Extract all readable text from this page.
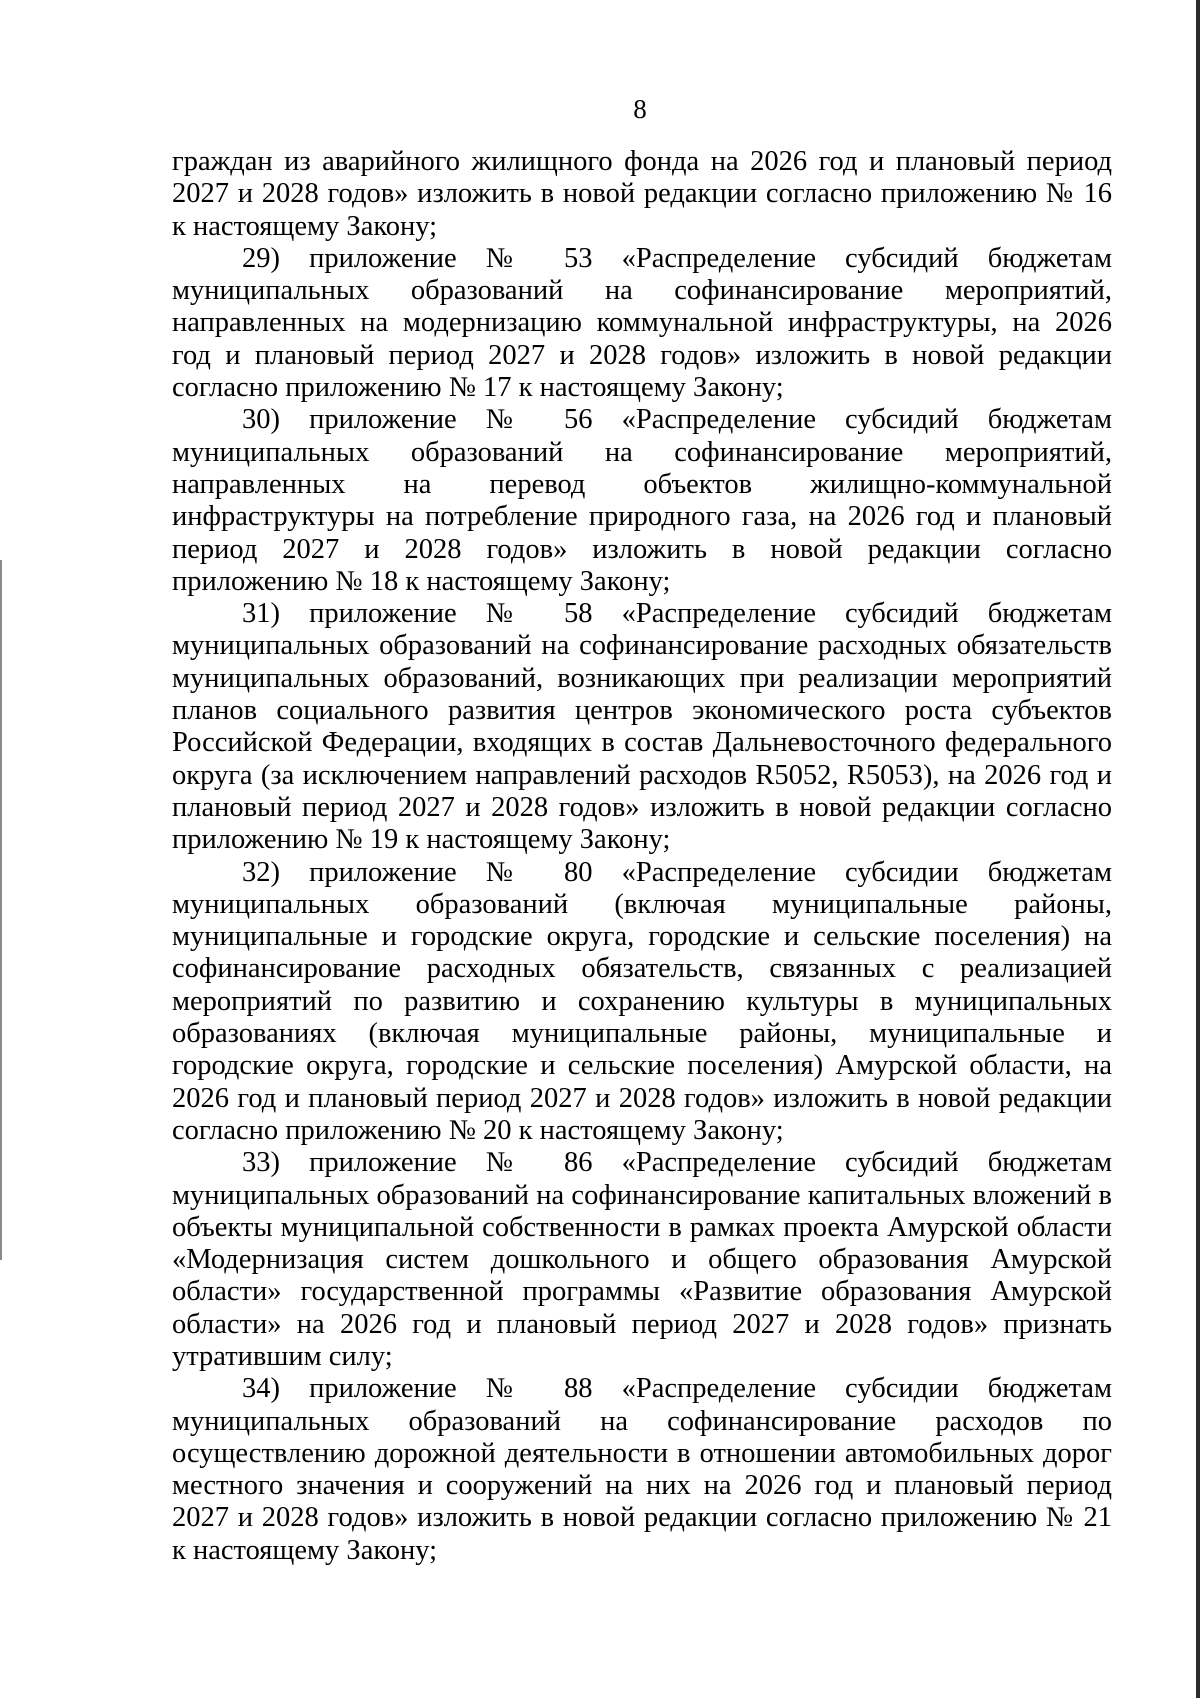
8

граждан из аварийного жилищного фонда на 2026 год и плановый период 2027 и 2028 годов» изложить в новой редакции согласно приложению № 16 к настоящему Закону;

29) приложение № 53 «Распределение субсидий бюджетам муниципальных образований на софинансирование мероприятий, направленных на модернизацию коммунальной инфраструктуры, на 2026 год и плановый период 2027 и 2028 годов» изложить в новой редакции согласно приложению № 17 к настоящему Закону;

30) приложение № 56 «Распределение субсидий бюджетам муниципальных образований на софинансирование мероприятий, направленных на перевод объектов жилищно-коммунальной инфраструктуры на потребление природного газа, на 2026 год и плановый период 2027 и 2028 годов» изложить в новой редакции согласно приложению № 18 к настоящему Закону;

31) приложение № 58 «Распределение субсидий бюджетам муниципальных образований на софинансирование расходных обязательств муниципальных образований, возникающих при реализации мероприятий планов социального развития центров экономического роста субъектов Российской Федерации, входящих в состав Дальневосточного федерального округа (за исключением направлений расходов R5052, R5053), на 2026 год и плановый период 2027 и 2028 годов» изложить в новой редакции согласно приложению № 19 к настоящему Закону;

32) приложение № 80 «Распределение субсидии бюджетам муниципальных образований (включая муниципальные районы, муниципальные и городские округа, городские и сельские поселения) на софинансирование расходных обязательств, связанных с реализацией мероприятий по развитию и сохранению культуры в муниципальных образованиях (включая муниципальные районы, муниципальные и городские округа, городские и сельские поселения) Амурской области, на 2026 год и плановый период 2027 и 2028 годов» изложить в новой редакции согласно приложению № 20 к настоящему Закону;

33) приложение № 86 «Распределение субсидий бюджетам муниципальных образований на софинансирование капитальных вложений в объекты муниципальной собственности в рамках проекта Амурской области «Модернизация систем дошкольного и общего образования Амурской области» государственной программы «Развитие образования Амурской области» на 2026 год и плановый период 2027 и 2028 годов» признать утратившим силу;

34) приложение № 88 «Распределение субсидии бюджетам муниципальных образований на софинансирование расходов по осуществлению дорожной деятельности в отношении автомобильных дорог местного значения и сооружений на них на 2026 год и плановый период 2027 и 2028 годов» изложить в новой редакции согласно приложению № 21 к настоящему Закону;
